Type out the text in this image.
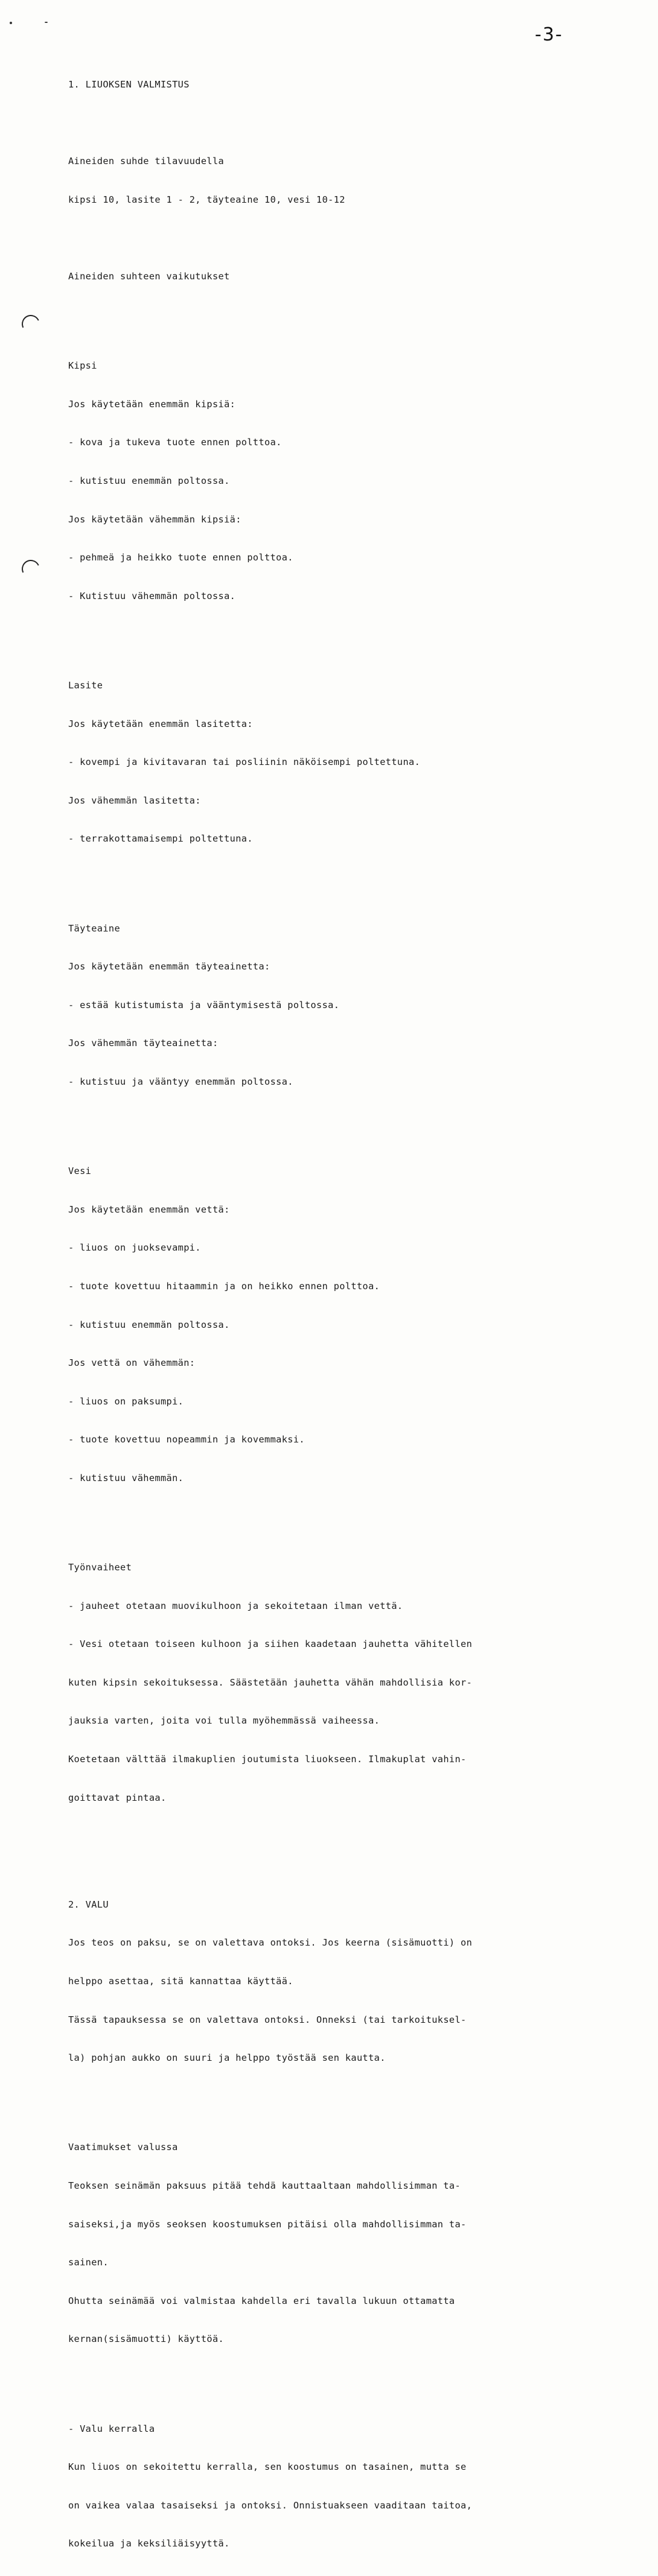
-3-

1. LIUOKSEN VALMISTUS

Aineiden suhde tilavuudella

kipsi 10, lasite 1 - 2, täyteaine 10, vesi 10-12

Aineiden suhteen vaikutukset

Kipsi

Jos käytetään enemmän kipsiä:

- kova ja tukeva tuote ennen polttoa.

- kutistuu enemmän poltossa.

Jos käytetään vähemmän kipsiä:

- pehmeä ja heikko tuote ennen polttoa.

- Kutistuu vähemmän poltossa.

Lasite

Jos käytetään enemmän lasitetta:

- kovempi ja kivitavaran tai posliinin näköisempi poltettuna.

Jos vähemmän lasitetta:

- terrakottamaisempi poltettuna.

Täyteaine

Jos käytetään enemmän täyteainetta:

- estää kutistumista ja vääntymisestä poltossa.

Jos vähemmän täyteainetta:

- kutistuu ja vääntyy enemmän poltossa.

Vesi

Jos käytetään enemmän vettä:

- liuos on juoksevampi.

- tuote kovettuu hitaammin ja on heikko ennen polttoa.

- kutistuu enemmän poltossa.

Jos vettä on vähemmän:

- liuos on paksumpi.

- tuote kovettuu nopeammin ja kovemmaksi.

- kutistuu vähemmän.

Työnvaiheet

- jauheet otetaan muovikulhoon ja sekoitetaan ilman vettä.

- Vesi otetaan toiseen kulhoon ja siihen kaadetaan jauhetta vähitellen

kuten kipsin sekoituksessa. Säästetään jauhetta vähän mahdollisia kor-

jauksia varten, joita voi tulla myöhemmässä vaiheessa.

Koetetaan välttää ilmakuplien joutumista liuokseen. Ilmakuplat vahin-

goittavat pintaa.

2. VALU

Jos teos on paksu, se on valettava ontoksi. Jos keerna (sisämuotti) on

helppo asettaa, sitä kannattaa käyttää.

Tässä tapauksessa se on valettava ontoksi. Onneksi (tai tarkoituksel-

la) pohjan aukko on suuri ja helppo työstää sen kautta.

Vaatimukset valussa

Teoksen seinämän paksuus pitää tehdä kauttaaltaan mahdollisimman ta-

saiseksi,ja myös seoksen koostumuksen pitäisi olla mahdollisimman ta-

sainen.

Ohutta seinämää voi valmistaa kahdella eri tavalla lukuun ottamatta

kernan(sisämuotti) käyttöä.

- Valu kerralla

Kun liuos on sekoitettu kerralla, sen koostumus on tasainen, mutta se

on vaikea valaa tasaiseksi ja ontoksi. Onnistuakseen vaaditaan taitoa,

kokeilua ja keksiliäisyyttä.
